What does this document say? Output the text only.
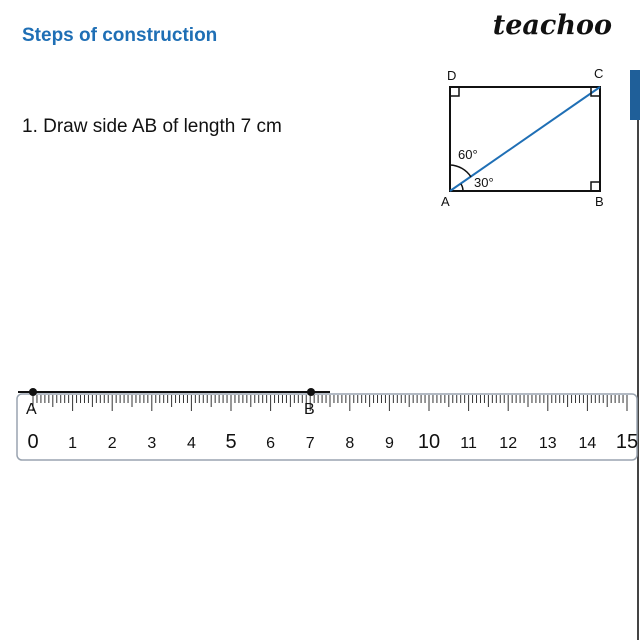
Steps of construction	teachoo
1. Draw side AB of length 7 cm
D	C
A	B
60°
30°
0 1 2 3 4 5 6 7 8 9 10 11 12 13 14 15
A	B
